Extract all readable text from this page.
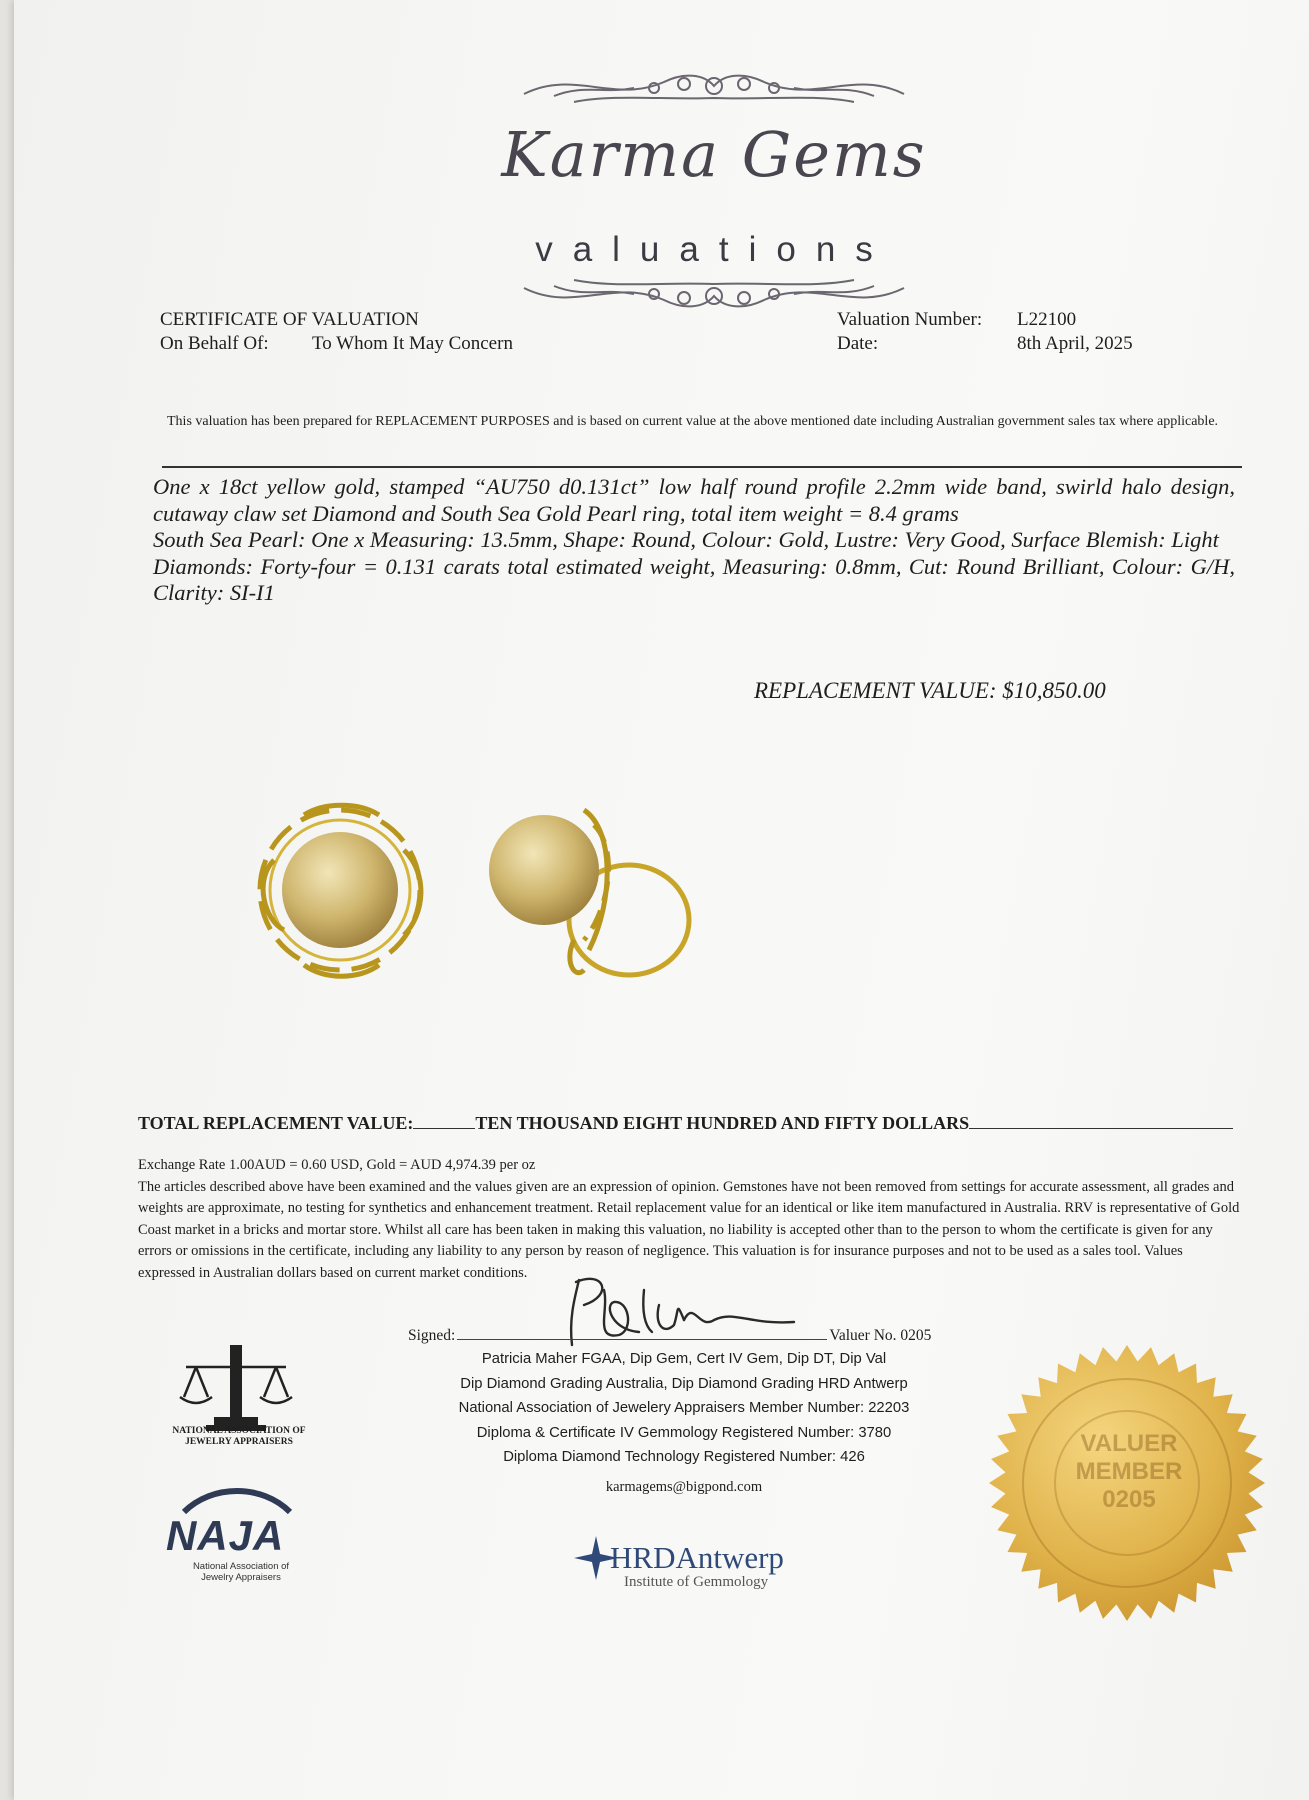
Karma Gems
valuations
CERTIFICATE OF VALUATION
On Behalf Of: To Whom It May Concern
Valuation Number: L22100
Date:	8th April, 2025
This valuation has been prepared for REPLACEMENT PURPOSES and is based on current value at the above mentioned date including Australian government sales tax where applicable.

One x 18ct yellow gold, stamped “AU750 d0.131ct” low half round profile 2.2mm wide band, swirld halo design, cutaway claw set Diamond and South Sea Gold Pearl ring, total item weight = 8.4 grams

South Sea Pearl: One x Measuring: 13.5mm, Shape: Round, Colour: Gold, Lustre: Very Good, Surface Blemish: Light

Diamonds: Forty-four = 0.131 carats total estimated weight, Measuring: 0.8mm, Cut: Round Brilliant, Colour: G/H, Clarity: SI-I1

REPLACEMENT VALUE: $10,850.00
TOTAL REPLACEMENT VALUE:	TEN THOUSAND EIGHT HUNDRED AND FIFTY DOLLARS

Exchange Rate 1.00AUD = 0.60 USD, Gold = AUD 4,974.39 per oz

The articles described above have been examined and the values given are an expression of opinion. Gemstones have not been removed from settings for accurate assessment, all grades and weights are approximate, no testing for synthetics and enhancement treatment. Retail replacement value for an identical or like item manufactured in Australia. RRV is representative of Gold Coast market in a bricks and mortar store. Whilst all care has been taken in making this valuation, no liability is accepted other than to the person to whom the certificate is given for any errors or omissions in the certificate, including any liability to any person by reason of negligence. This valuation is for insurance purposes and not to be used as a sales tool. Values expressed in Australian dollars based on current market conditions.

Signed:	Valuer No. 0205
Patricia Maher FGAA, Dip Gem, Cert IV Gem, Dip DT, Dip Val
Dip Diamond Grading Australia, Dip Diamond Grading HRD Antwerp
National Association of Jewelery Appraisers Member Number: 22203
Diploma & Certificate IV Gemmology Registered Number: 3780
Diploma Diamond Technology Registered Number: 426
karmagems@bigpond.com
NATIONAL ASSOCIATION OF JEWELRY APPRAISERS
NAJA
National Association of Jewelry Appraisers
HRDAntwerp
Institute of Gemmology
VALUER
MEMBER
0205
